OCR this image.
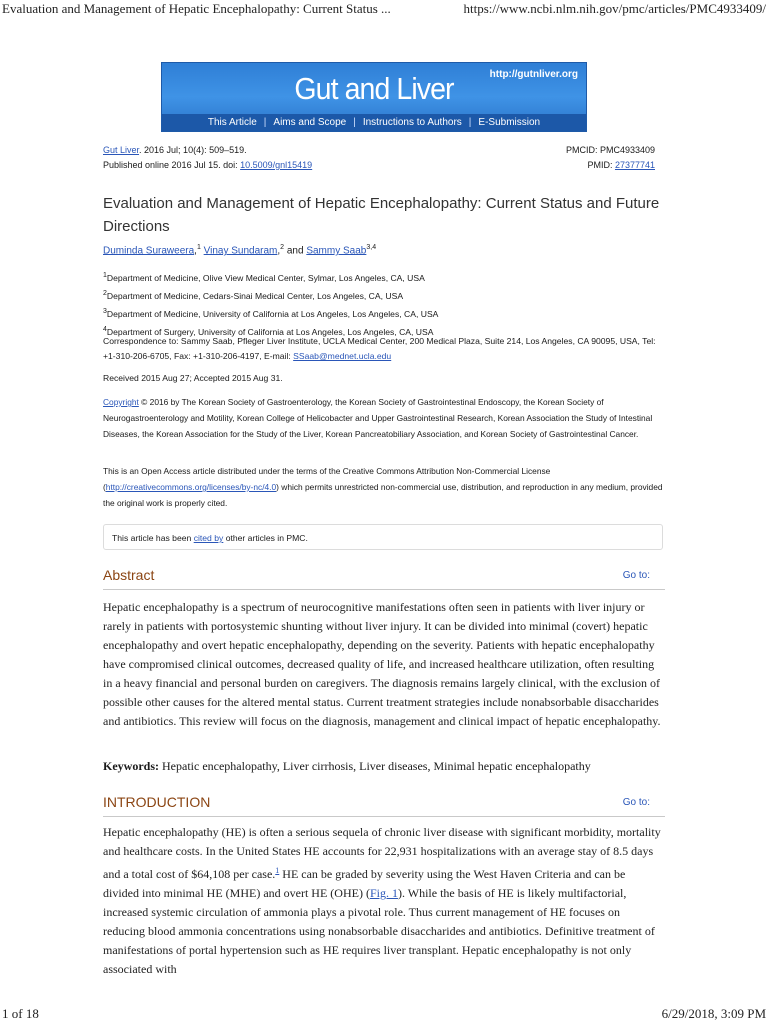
Evaluation and Management of Hepatic Encephalopathy: Current Status ...	https://www.ncbi.nlm.nih.gov/pmc/articles/PMC4933409/
http://gutnliver.org
Gut and Liver
This Article | Aims and Scope | Instructions to Authors | E-Submission
Gut Liver. 2016 Jul; 10(4): 509–519.
Published online 2016 Jul 15. doi: 10.5009/gnl15419
PMCID: PMC4933409
PMID: 27377741
Evaluation and Management of Hepatic Encephalopathy: Current Status and Future Directions
Duminda Suraweera,$^1$ Vinay Sundaram,$^2$ and Sammy Saab$^{3,4}$
$^1$Department of Medicine, Olive View Medical Center, Sylmar, Los Angeles, CA, USA
$^2$Department of Medicine, Cedars-Sinai Medical Center, Los Angeles, CA, USA
$^3$Department of Medicine, University of California at Los Angeles, Los Angeles, CA, USA
$^4$Department of Surgery, University of California at Los Angeles, Los Angeles, CA, USA
Correspondence to: Sammy Saab, Pfleger Liver Institute, UCLA Medical Center, 200 Medical Plaza, Suite 214, Los Angeles, CA 90095, USA, Tel: +1-310-206-6705, Fax: +1-310-206-4197, E-mail: SSaab@mednet.ucla.edu
Received 2015 Aug 27; Accepted 2015 Aug 31.
Copyright © 2016 by The Korean Society of Gastroenterology, the Korean Society of Gastrointestinal Endoscopy, the Korean Society of Neurogastroenterology and Motility, Korean College of Helicobacter and Upper Gastrointestinal Research, Korean Association the Study of Intestinal Diseases, the Korean Association for the Study of the Liver, Korean Pancreatobiliary Association, and Korean Society of Gastrointestinal Cancer.
This is an Open Access article distributed under the terms of the Creative Commons Attribution Non-Commercial License (http://creativecommons.org/licenses/by-nc/4.0) which permits unrestricted non-commercial use, distribution, and reproduction in any medium, provided the original work is properly cited.
This article has been cited by other articles in PMC.
Abstract	Go to:
Hepatic encephalopathy is a spectrum of neurocognitive manifestations often seen in patients with liver injury or rarely in patients with portosystemic shunting without liver injury. It can be divided into minimal (covert) hepatic encephalopathy and overt hepatic encephalopathy, depending on the severity. Patients with hepatic encephalopathy have compromised clinical outcomes, decreased quality of life, and increased healthcare utilization, often resulting in a heavy financial and personal burden on caregivers. The diagnosis remains largely clinical, with the exclusion of possible other causes for the altered mental status. Current treatment strategies include nonabsorbable disaccharides and antibiotics. This review will focus on the diagnosis, management and clinical impact of hepatic encephalopathy.
Keywords: Hepatic encephalopathy, Liver cirrhosis, Liver diseases, Minimal hepatic encephalopathy
INTRODUCTION	Go to:
Hepatic encephalopathy (HE) is often a serious sequela of chronic liver disease with significant morbidity, mortality and healthcare costs. In the United States HE accounts for 22,931 hospitalizations with an average stay of 8.5 days and a total cost of $64,108 per case.$^1$ HE can be graded by severity using the West Haven Criteria and can be divided into minimal HE (MHE) and overt HE (OHE) (Fig. 1). While the basis of HE is likely multifactorial, increased systemic circulation of ammonia plays a pivotal role. Thus current management of HE focuses on reducing blood ammonia concentrations using nonabsorbable disaccharides and antibiotics. Definitive treatment of manifestations of portal hypertension such as HE requires liver transplant. Hepatic encephalopathy is not only associated with
1 of 18	6/29/2018, 3:09 PM
